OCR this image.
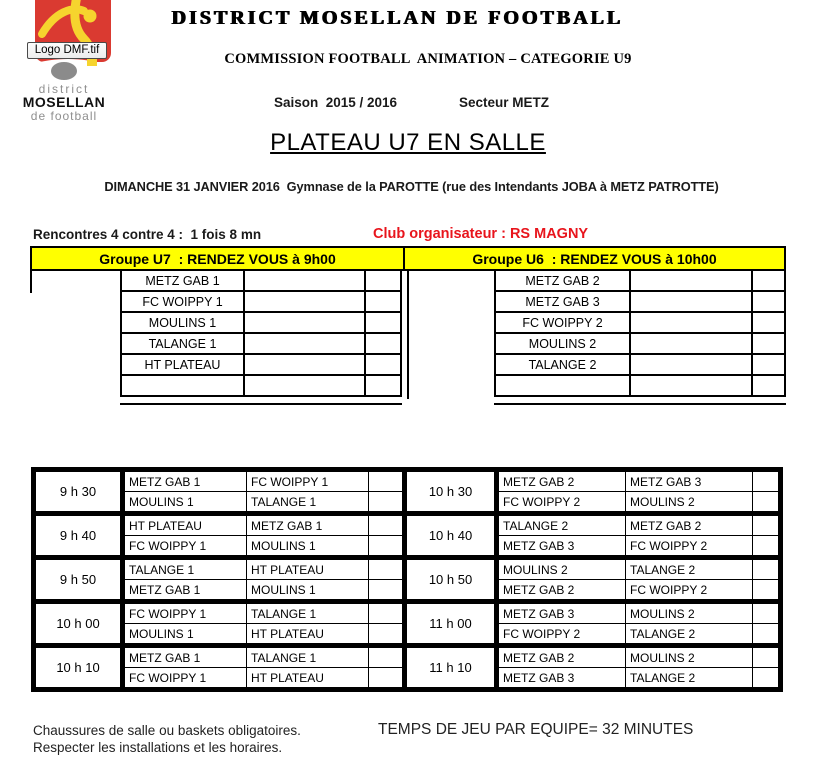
Logo DMF.tif
district
MOSELLAN
de football
DISTRICT MOSELLAN DE FOOTBALL
COMMISSION FOOTBALL  ANIMATION – CATEGORIE U9
Saison  2015 / 2016	Secteur METZ
PLATEAU U7 EN SALLE
DIMANCHE 31 JANVIER 2016  Gymnase de la PAROTTE (rue des Intendants JOBA à METZ PATROTTE)
Rencontres 4 contre 4 :  1 fois 8 mn	Club organisateur : RS MAGNY
Groupe U7  : RENDEZ VOUS à 9h00	Groupe U6  : RENDEZ VOUS à 10h00
METZ GAB 1
FC WOIPPY 1
MOULINS 1
TALANGE 1
HT PLATEAU
METZ GAB 2
METZ GAB 3
FC WOIPPY 2
MOULINS 2
TALANGE 2
9 h 30
METZ GAB 1	FC WOIPPY 1
MOULINS 1	TALANGE 1
10 h 30
METZ GAB 2	METZ GAB 3
FC WOIPPY 2	MOULINS 2
9 h 40
HT PLATEAU	METZ GAB 1
FC WOIPPY 1	MOULINS 1
10 h 40
TALANGE 2	METZ GAB 2
METZ GAB 3	FC WOIPPY 2
9 h 50
TALANGE 1	HT PLATEAU
METZ GAB 1	MOULINS 1
10 h 50
MOULINS 2	TALANGE 2
METZ GAB 2	FC WOIPPY 2
10 h 00
FC WOIPPY 1	TALANGE 1
MOULINS 1	HT PLATEAU
11 h 00
METZ GAB 3	MOULINS 2
FC WOIPPY 2	TALANGE 2
10 h 10
METZ GAB 1	TALANGE 1
FC WOIPPY 1	HT PLATEAU
11 h 10
METZ GAB 2	MOULINS 2
METZ GAB 3	TALANGE 2
Chaussures de salle ou baskets obligatoires.
Respecter les installations et les horaires.
TEMPS DE JEU PAR EQUIPE= 32 MINUTES
